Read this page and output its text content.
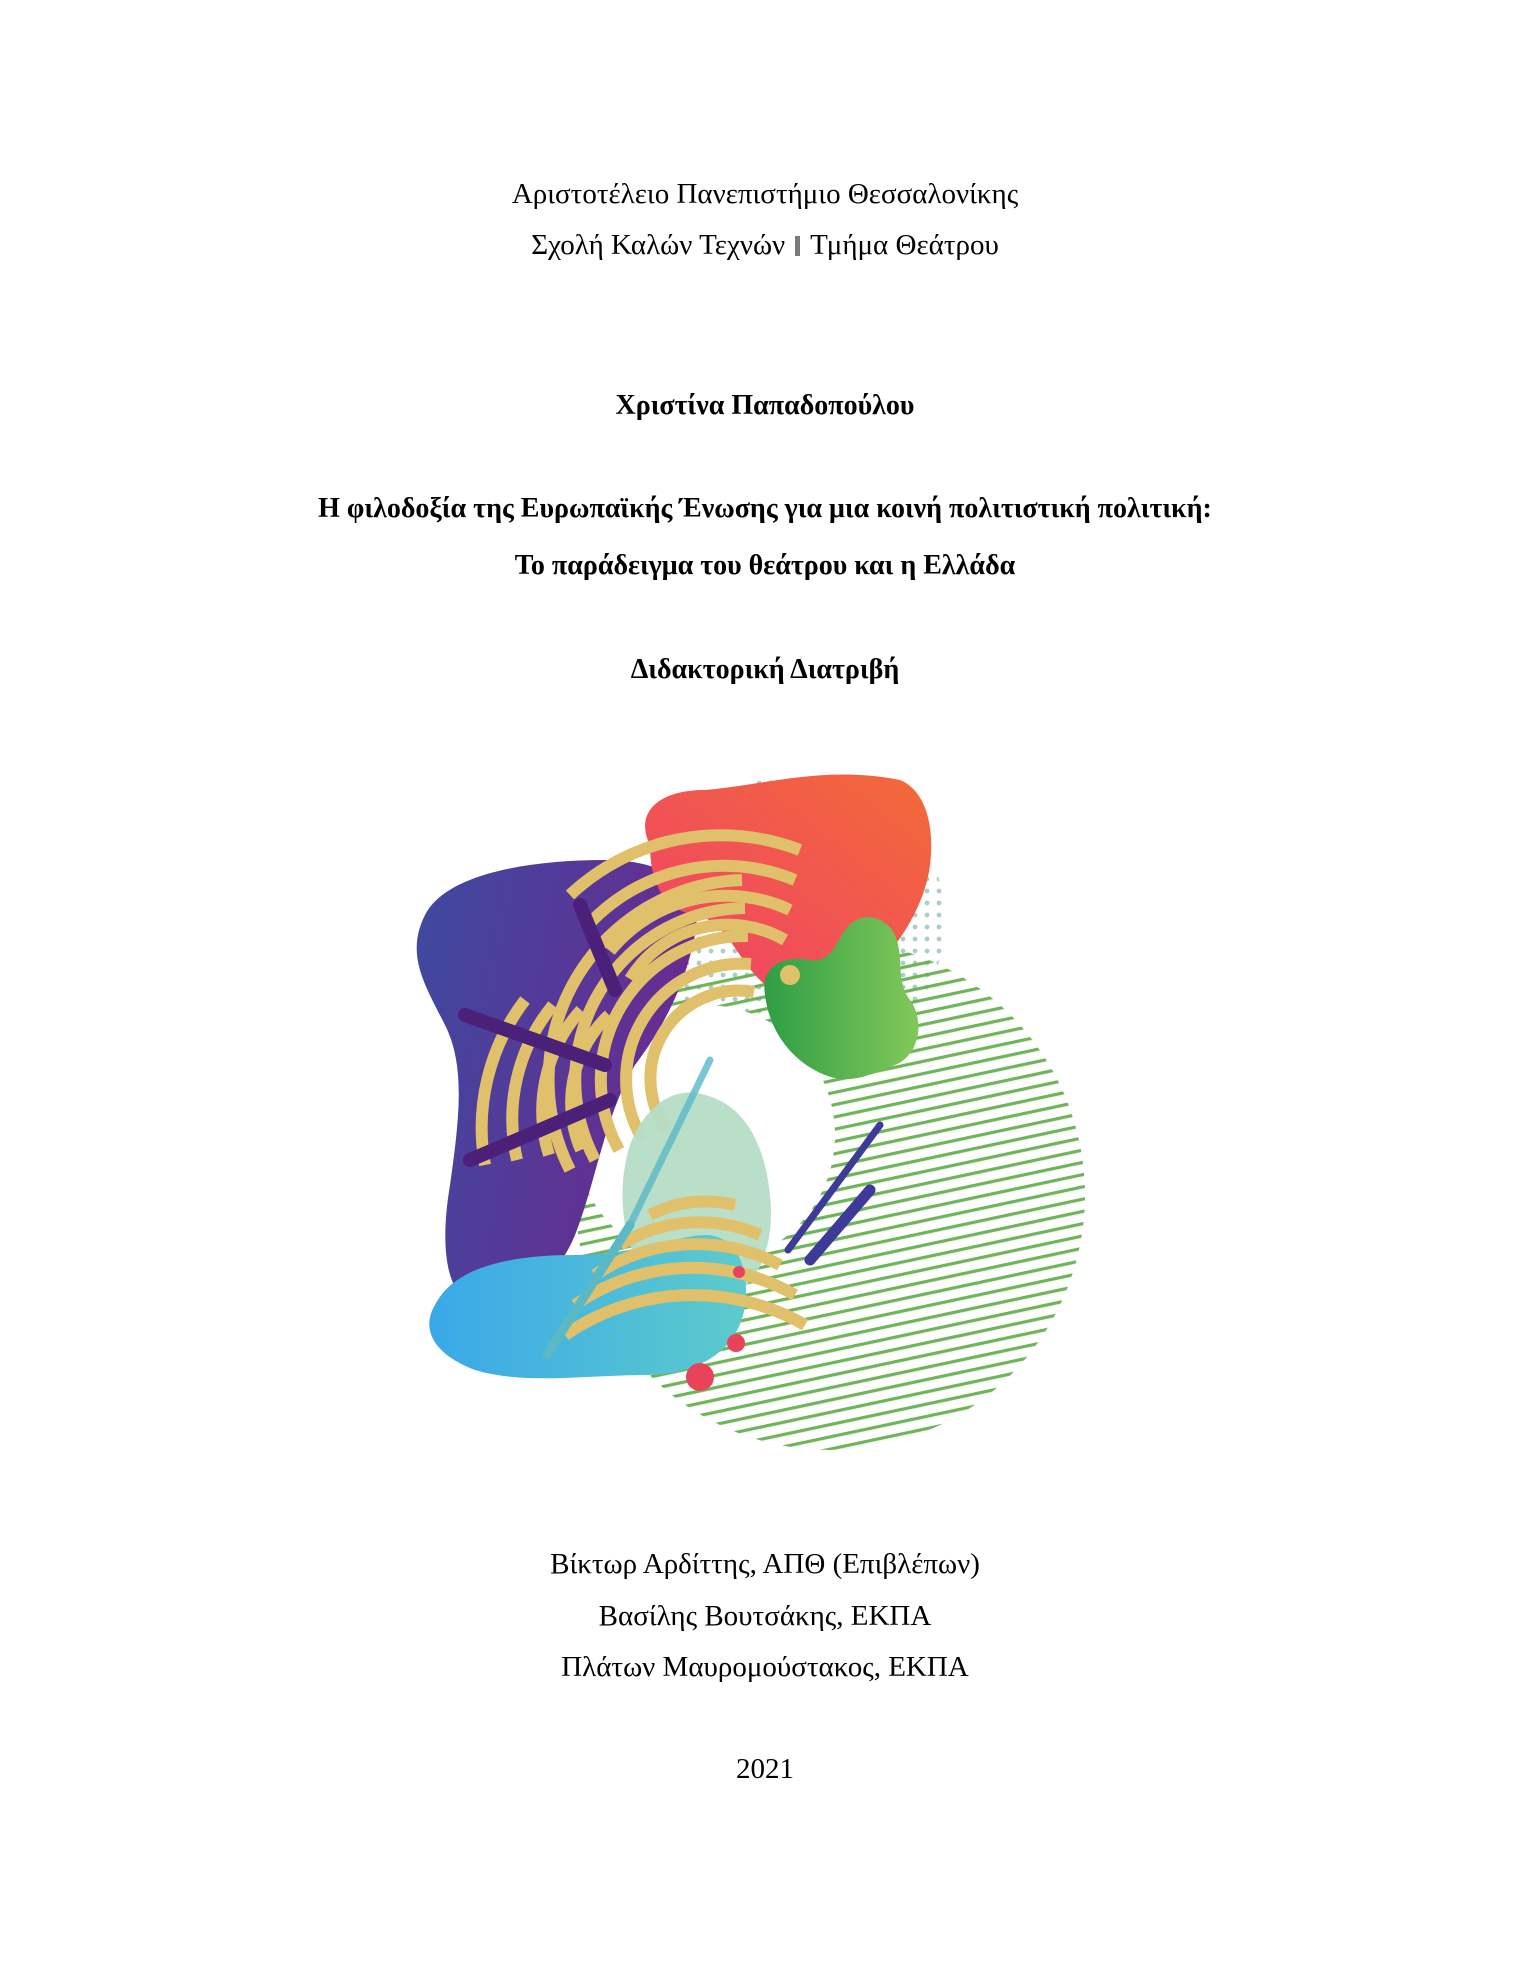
Αριστοτέλειο Πανεπιστήμιο Θεσσαλονίκης
Σχολή Καλών Τεχνών Τμήμα Θεάτρου
Χριστίνα Παπαδοπούλου
Η φιλοδοξία της Ευρωπαϊκής Ένωσης για μια κοινή πολιτιστική πολιτική:
Το παράδειγμα του θεάτρου και η Ελλάδα
Διδακτορική Διατριβή
Βίκτωρ Αρδίττης, ΑΠΘ (Επιβλέπων)
Βασίλης Βουτσάκης, ΕΚΠΑ
Πλάτων Μαυρομούστακος, ΕΚΠΑ
2021
